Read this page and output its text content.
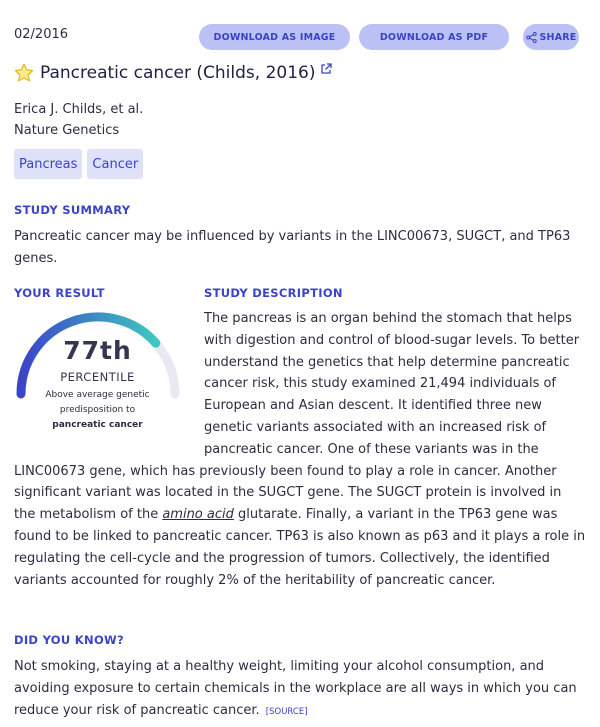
02/2016	DOWNLOAD AS IMAGE	DOWNLOAD AS PDF	SHARE
Pancreatic cancer (Childs, 2016)
Erica J. Childs, et al.
Nature Genetics
Pancreas	Cancer
STUDY SUMMARY
Pancreatic cancer may be influenced by variants in the LINC00673, SUGCT, and TP63 genes.
YOUR RESULT	STUDY DESCRIPTION
77th
PERCENTILE
Above average genetic
predisposition to
pancreatic cancer
The pancreas is an organ behind the stomach that helps with digestion and control of blood-sugar levels. To better understand the genetics that help determine pancreatic cancer risk, this study examined 21,494 individuals of European and Asian descent. It identified three new genetic variants associated with an increased risk of pancreatic cancer. One of these variants was in the LINC00673 gene, which has previously been found to play a role in cancer. Another significant variant was located in the SUGCT gene. The SUGCT protein is involved in the metabolism of the amino acid glutarate. Finally, a variant in the TP63 gene was found to be linked to pancreatic cancer. TP63 is also known as p63 and it plays a role in regulating the cell-cycle and the progression of tumors. Collectively, the identified variants accounted for roughly 2% of the heritability of pancreatic cancer.
DID YOU KNOW?
Not smoking, staying at a healthy weight, limiting your alcohol consumption, and avoiding exposure to certain chemicals in the workplace are all ways in which you can reduce your risk of pancreatic cancer. [SOURCE]
